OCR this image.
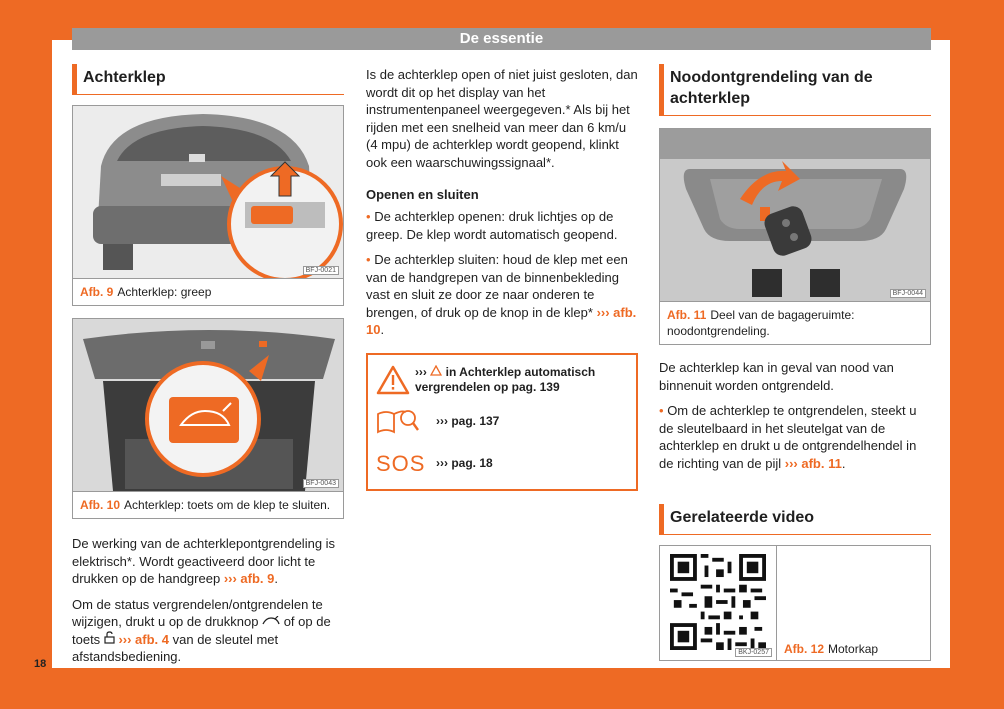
De essentie
Achterklep
BFJ-0021
Afb. 9 Achterklep: greep
BFJ-0043
Afb. 10 Achterklep: toets om de klep te sluiten.

De werking van de achterklepontgrendeling is elektrisch*. Wordt geactiveerd door licht te drukken op de handgreep ››› afb. 9.

Om de status vergrendelen/ontgrendelen te wijzigen, drukt u op de drukknop of op de toets ››› afb. 4 van de sleutel met afstandsbediening.

Is de achterklep open of niet juist gesloten, dan wordt dit op het display van het instrumentenpaneel weergegeven.* Als bij het rijden met een snelheid van meer dan 6 km/u (4 mpu) de achterklep wordt geopend, klinkt ook een waarschuwingssignaal*.

Openen en sluiten

• De achterklep openen: druk lichtjes op de greep. De klep wordt automatisch geopend.

• De achterklep sluiten: houd de klep met een van de handgrepen van de binnenbekleding vast en sluit ze door ze naar onderen te brengen, of druk op de knop in de klep* ››› afb. 10.

››› in Achterklep automatisch vergrendelen op pag. 139
››› pag. 137
SOS ››› pag. 18
Noodontgrendeling van de achterklep
BFJ-0044
Afb. 11 Deel van de bagageruimte: noodontgrendeling.

De achterklep kan in geval van nood van binnenuit worden ontgrendeld.

• Om de achterklep te ontgrendelen, steekt u de sleutelbaard in het sleutelgat van de achterklep en drukt u de ontgrendelhendel in de richting van de pijl ››› afb. 11.

Gerelateerde video
BKJ-0257 Afb. 12 Motorkap
18
